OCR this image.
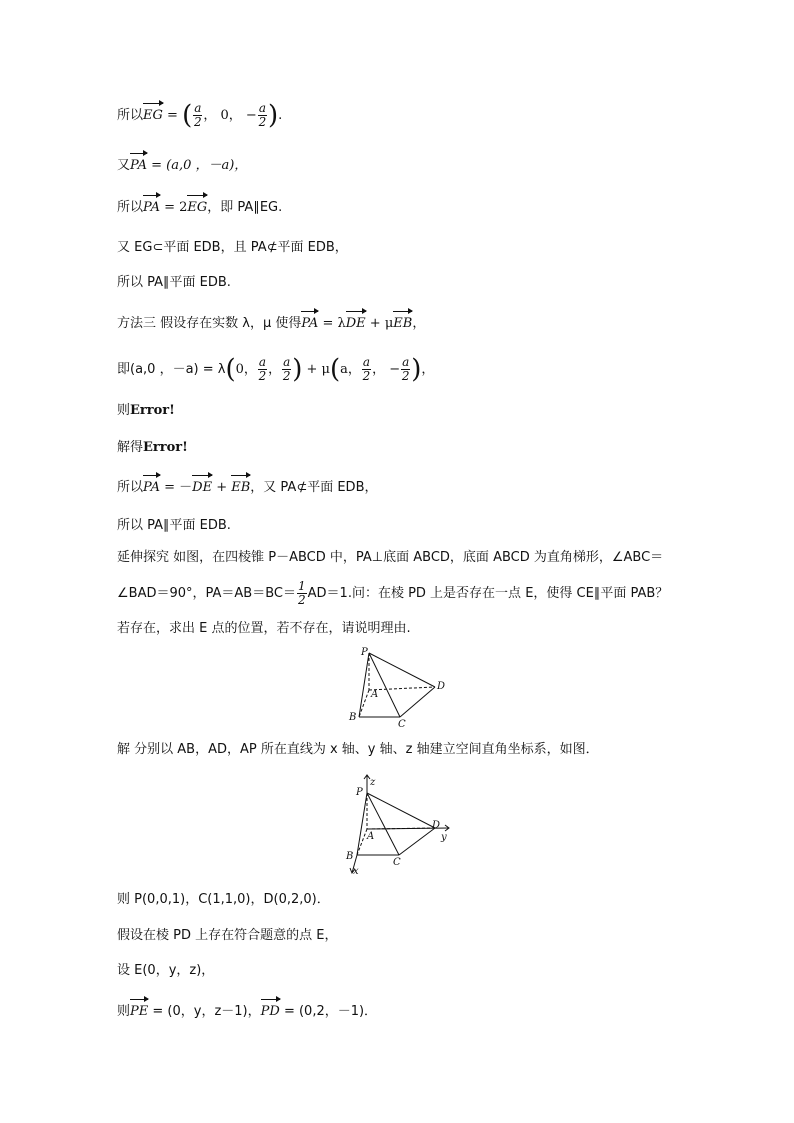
所以EG = ( $\frac{a}{2}$ ， 0， − $\frac{a}{2}$ ).
又PA = (a,0 ，－a)，
所以PA = 2EG，即 PA∥EG.
又 EG⊂平面 EDB，且 PA⊄平面 EDB，
所以 PA∥平面 EDB.
方法三 假设存在实数 λ，μ 使得PA = λDE + μEB，
即(a,0 ，－a) = λ(0， $\frac{a}{2}$ ， $\frac{a}{2}$ ) + μ(a， $\frac{a}{2}$ ， − $\frac{a}{2}$ )，
则Error!
解得Error!
所以PA = －DE + EB，又 PA⊄平面 EDB，
所以 PA∥平面 EDB.
延伸探究 如图，在四棱锥 P－ABCD 中，PA⊥底面 ABCD，底面 ABCD 为直角梯形，∠ABC＝
∠BAD＝90°，$PA=AB=BC= \frac{1}{2} AD=1$.问：在棱 PD 上是否存在一点 E，使得 CE∥平面 PAB？
若存在，求出 E 点的位置，若不存在，请说明理由.
P
A
B
C
D
解 分别以 AB，AD，AP 所在直线为 x 轴、y 轴、z 轴建立空间直角坐标系，如图．
z
P
A
B
C
D
y
x
则 P(0,0,1)，C(1,1,0)，D(0,2,0)．
假设在棱 PD 上存在符合题意的点 E，
设 E(0，y，z)，
则PE = (0，y，z－1)，PD = (0,2，－1)．
